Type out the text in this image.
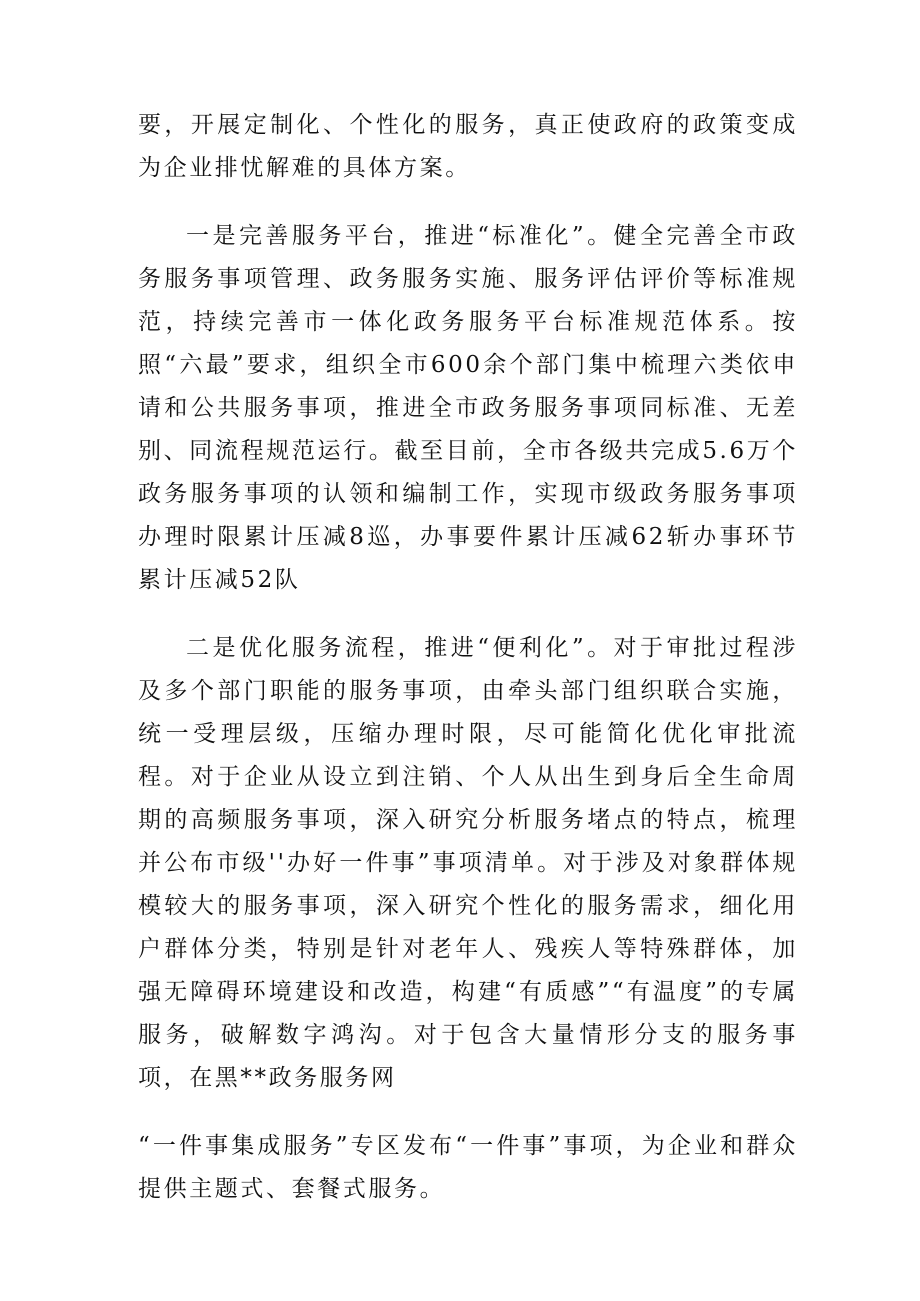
要，开展定制化、个性化的服务，真正使政府的政策变成为企业排忧解难的具体方案。

一是完善服务平台，推进“标准化”。健全完善全市政务服务事项管理、政务服务实施、服务评估评价等标准规范，持续完善市一体化政务服务平台标准规范体系。按照“六最”要求，组织全市600余个部门集中梳理六类依申请和公共服务事项，推进全市政务服务事项同标准、无差别、同流程规范运行。截至目前，全市各级共完成5.6万个政务服务事项的认领和编制工作，实现市级政务服务事项办理时限累计压减8巡，办事要件累计压减62斩办事环节累计压减52队

二是优化服务流程，推进“便利化”。对于审批过程涉及多个部门职能的服务事项，由牵头部门组织联合实施，统一受理层级，压缩办理时限，尽可能简化优化审批流程。对于企业从设立到注销、个人从出生到身后全生命周期的高频服务事项，深入研究分析服务堵点的特点，梳理并公布市级''办好一件事”事项清单。对于涉及对象群体规模较大的服务事项，深入研究个性化的服务需求，细化用户群体分类，特别是针对老年人、残疾人等特殊群体，加强无障碍环境建设和改造，构建“有质感”“有温度”的专属服务，破解数字鸿沟。对于包含大量情形分支的服务事项，在黑**政务服务网

“一件事集成服务”专区发布“一件事”事项，为企业和群众提供主题式、套餐式服务。
